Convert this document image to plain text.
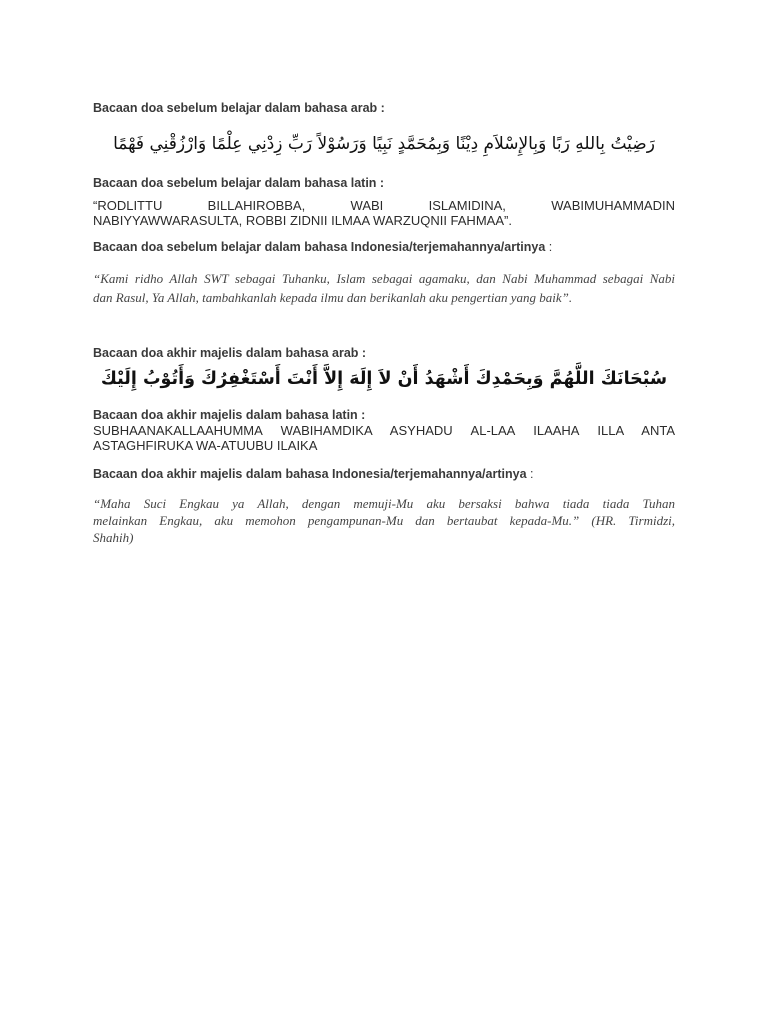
Bacaan doa sebelum belajar dalam bahasa arab :
رَضِيْتُ بِاللهِ رَبًا وَبِالإِسْلاَمِ دِيْنًا وَبِمُحَمَّدٍ نَبِيًا وَرَسُوْلاً رَبِّ زِدْنِي عِلْمًا وَارْزُقْنِي فَهْمًا
Bacaan doa sebelum belajar dalam bahasa latin :
“RODLITTU BILLAHIROBBA, WABI ISLAMIDINA, WABIMUHAMMADIN
NABIYYAWWARASULTA, ROBBI ZIDNII ILMAA WARZUQNII FAHMAA”.
Bacaan doa sebelum belajar dalam bahasa Indonesia/terjemahannya/artinya :
“Kami ridho Allah SWT sebagai Tuhanku, Islam sebagai agamaku, dan Nabi Muhammad sebagai Nabi
dan Rasul, Ya Allah, tambahkanlah kepada ilmu dan berikanlah aku pengertian yang baik”.
Bacaan doa akhir majelis dalam bahasa arab :
سُبْحَانَكَ اللَّهُمَّ وَبِحَمْدِكَ أَشْهَدُ أَنْ لاَ إِلَهَ إِلاَّ أَنْتَ أَسْتَغْفِرُكَ وَأَتُوْبُ إِلَيْكَ
Bacaan doa akhir majelis dalam bahasa latin :
SUBHAANAKALLAAHUMMA WABIHAMDIKA ASYHADU AL-LAA ILAAHA ILLA ANTA
ASTAGHFIRUKA WA-ATUUBU ILAIKA
Bacaan doa akhir majelis dalam bahasa Indonesia/terjemahannya/artinya :
“Maha Suci Engkau ya Allah, dengan memuji-Mu aku bersaksi bahwa tiada tiada Tuhan
melainkan Engkau, aku memohon pengampunan-Mu dan bertaubat kepada-Mu.” (HR. Tirmidzi,
Shahih)
